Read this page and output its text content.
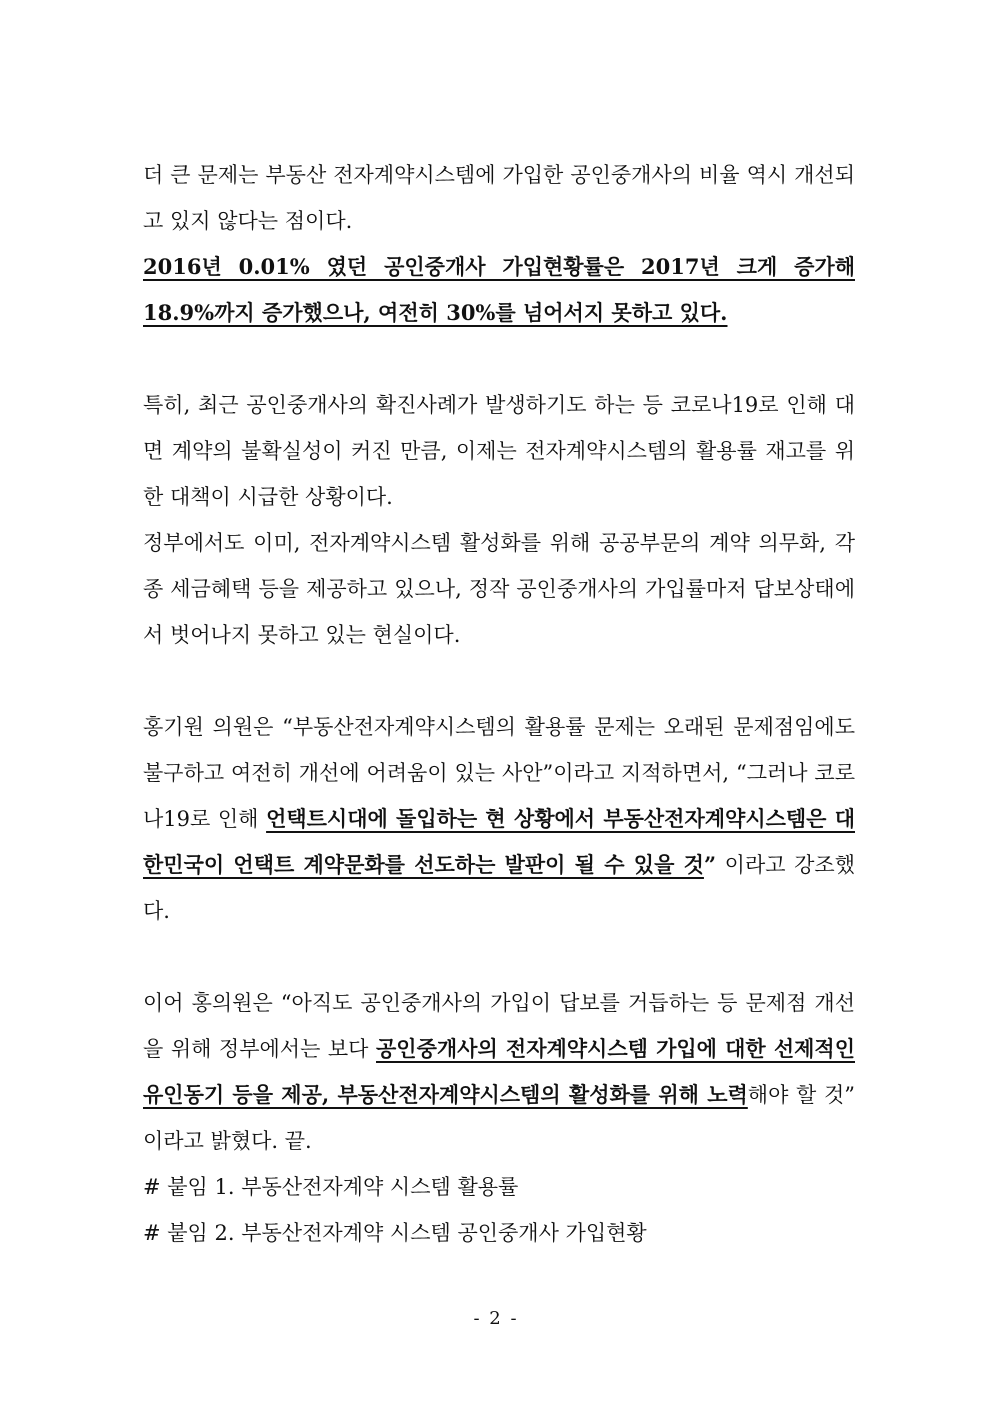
더 큰 문제는 부동산 전자계약시스템에 가입한 공인중개사의 비율 역시 개선되고 있지 않다는 점이다.

2016년 0.01% 였던 공인중개사 가입현황률은 2017년 크게 증가해 18.9%까지 증가했으나, 여전히 30%를 넘어서지 못하고 있다.

특히, 최근 공인중개사의 확진사례가 발생하기도 하는 등 코로나19로 인해 대면 계약의 불확실성이 커진 만큼, 이제는 전자계약시스템의 활용률 재고를 위한 대책이 시급한 상황이다.

정부에서도 이미, 전자계약시스템 활성화를 위해 공공부문의 계약 의무화, 각종 세금혜택 등을 제공하고 있으나, 정작 공인중개사의 가입률마저 답보상태에서 벗어나지 못하고 있는 현실이다.

홍기원 의원은 “부동산전자계약시스템의 활용률 문제는 오래된 문제점임에도 불구하고 여전히 개선에 어려움이 있는 사안”이라고 지적하면서, “그러나 코로나19로 인해 언택트시대에 돌입하는 현 상황에서 부동산전자계약시스템은 대한민국이 언택트 계약문화를 선도하는 발판이 될 수 있을 것” 이라고 강조했다.

이어 홍의원은 “아직도 공인중개사의 가입이 답보를 거듭하는 등 문제점 개선을 위해 정부에서는 보다 공인중개사의 전자계약시스템 가입에 대한 선제적인 유인동기 등을 제공, 부동산전자계약시스템의 활성화를 위해 노력해야 할 것” 이라고 밝혔다. 끝.

# 붙임 1. 부동산전자계약 시스템 활용률

# 붙임 2. 부동산전자계약 시스템 공인중개사 가입현황

- 2 -
